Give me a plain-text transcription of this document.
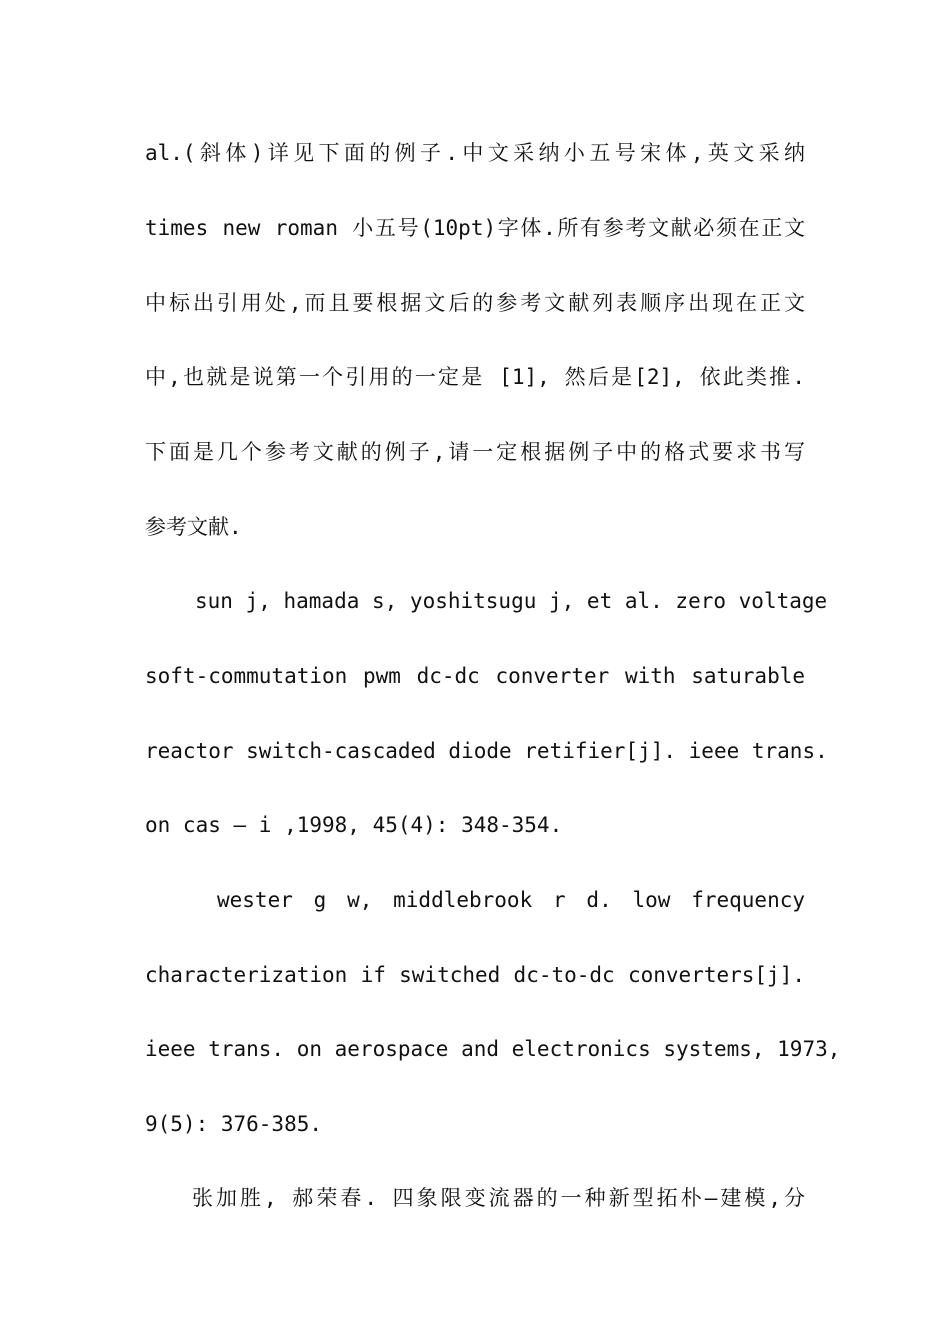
al.(斜体)详见下面的例子.中文采纳小五号宋体,英文采纳
times new roman 小五号(10pt)字体.所有参考文献必须在正文
中标出引用处,而且要根据文后的参考文献列表顺序出现在正文
中,也就是说第一个引用的一定是 [1], 然后是[2], 依此类推.
下面是几个参考文献的例子,请一定根据例子中的格式要求书写
参考文献.
sun j, hamada s, yoshitsugu j, et al. zero voltage
soft-commutation pwm dc-dc converter with saturable
reactor switch-cascaded diode retifier[j]. ieee trans.
on cas – i ,1998, 45(4): 348-354.
wester g w, middlebrook r d. low frequency
characterization if switched dc-to-dc converters[j].
ieee trans. on aerospace and electronics systems, 1973,
9(5): 376-385.
张加胜, 郝荣春. 四象限变流器的一种新型拓朴—建模,分
